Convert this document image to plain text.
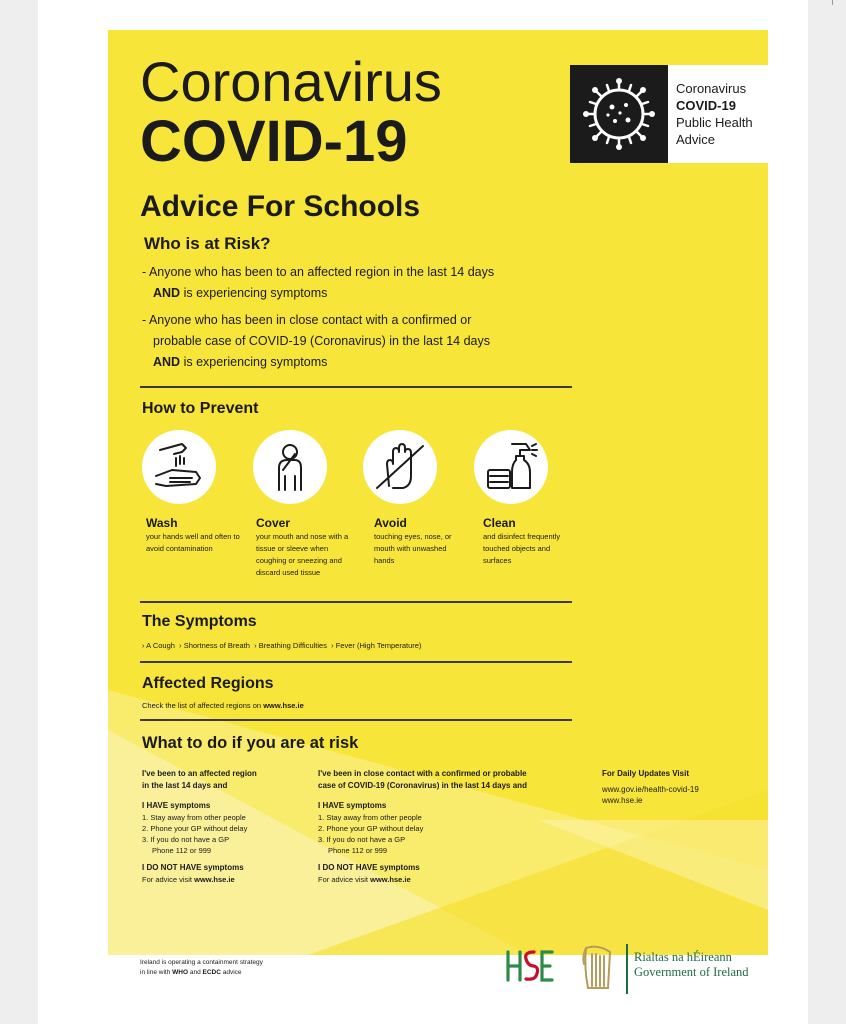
Coronavirus
COVID-19
Coronavirus
COVID-19
Public Health
Advice
Advice For Schools
Who is at Risk?
- Anyone who has been to an affected region in the last 14 days
AND is experiencing symptoms
- Anyone who has been in close contact with a confirmed or
probable case of COVID-19 (Coronavirus) in the last 14 days
AND is experiencing symptoms
How to Prevent
Wash
your hands well and often to avoid contamination
Cover
your mouth and nose with a tissue or sleeve when coughing or sneezing and discard used tissue
Avoid
touching eyes, nose, or mouth with unwashed hands
Clean
and disinfect frequently touched objects and surfaces
The Symptoms
› A Cough  › Shortness of Breath  › Breathing Difficulties  › Fever (High Temperature)
Affected Regions
Check the list of affected regions on www.hse.ie
What to do if you are at risk
I've been to an affected region
in the last 14 days and
I HAVE symptoms
1. Stay away from other people
2. Phone your GP without delay
3. If you do not have a GP
Phone 112 or 999
I DO NOT HAVE symptoms
For advice visit www.hse.ie
I've been in close contact with a confirmed or probable
case of COVID-19 (Coronavirus) in the last 14 days and
I HAVE symptoms
1. Stay away from other people
2. Phone your GP without delay
3. If you do not have a GP
Phone 112 or 999
I DO NOT HAVE symptoms
For advice visit www.hse.ie
For Daily Updates Visit
www.gov.ie/health-covid-19
www.hse.ie
Ireland is operating a containment strategy
in line with WHO and ECDC advice
Rialtas na hÉireann
Government of Ireland
